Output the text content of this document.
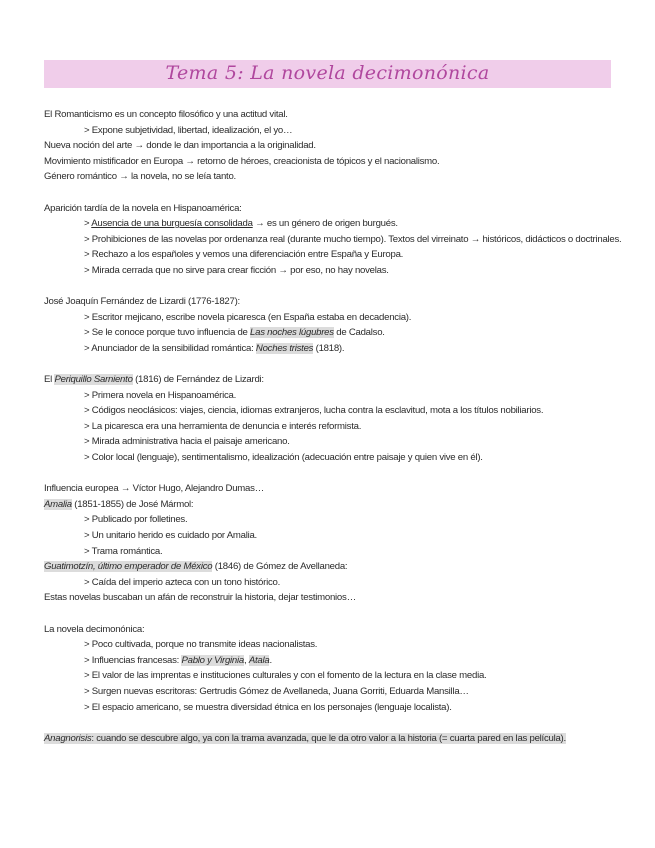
Tema 5: La novela decimonónica
El Romanticismo es un concepto filosófico y una actitud vital.
> Expone subjetividad, libertad, idealización, el yo…
Nueva noción del arte → donde le dan importancia a la originalidad.
Movimiento mistificador en Europa → retorno de héroes, creacionista de tópicos y el nacionalismo.
Género romántico → la novela, no se leía tanto.
Aparición tardía de la novela en Hispanoamérica:
> Ausencia de una burguesía consolidada → es un género de origen burgués.
> Prohibiciones de las novelas por ordenanza real (durante mucho tiempo). Textos del virreinato → históricos, didácticos o doctrinales.
> Rechazo a los españoles y vemos una diferenciación entre España y Europa.
> Mirada cerrada que no sirve para crear ficción → por eso, no hay novelas.
José Joaquín Fernández de Lizardi (1776-1827):
> Escritor mejicano, escribe novela picaresca (en España estaba en decadencia).
> Se le conoce porque tuvo influencia de Las noches lúgubres de Cadalso.
> Anunciador de la sensibilidad romántica: Noches tristes (1818).
El Periquillo Sarniento (1816) de Fernández de Lizardi:
> Primera novela en Hispanoamérica.
> Códigos neoclásicos: viajes, ciencia, idiomas extranjeros, lucha contra la esclavitud, mota a los títulos nobiliarios.
> La picaresca era una herramienta de denuncia e interés reformista.
> Mirada administrativa hacia el paisaje americano.
> Color local (lenguaje), sentimentalismo, idealización (adecuación entre paisaje y quien vive en él).
Influencia europea → Víctor Hugo, Alejandro Dumas…
Amalia (1851-1855) de José Mármol:
> Publicado por folletines.
> Un unitario herido es cuidado por Amalia.
> Trama romántica.
Guatimotzín, último emperador de México (1846) de Gómez de Avellaneda:
> Caída del imperio azteca con un tono histórico.
Estas novelas buscaban un afán de reconstruir la historia, dejar testimonios…
La novela decimonónica:
> Poco cultivada, porque no transmite ideas nacionalistas.
> Influencias francesas: Pablo y Virginia, Atala.
> El valor de las imprentas e instituciones culturales y con el fomento de la lectura en la clase media.
> Surgen nuevas escritoras: Gertrudis Gómez de Avellaneda, Juana Gorriti, Eduarda Mansilla…
> El espacio americano, se muestra diversidad étnica en los personajes (lenguaje localista).
Anagnorisis: cuando se descubre algo, ya con la trama avanzada, que le da otro valor a la historia (= cuarta pared en las película).
